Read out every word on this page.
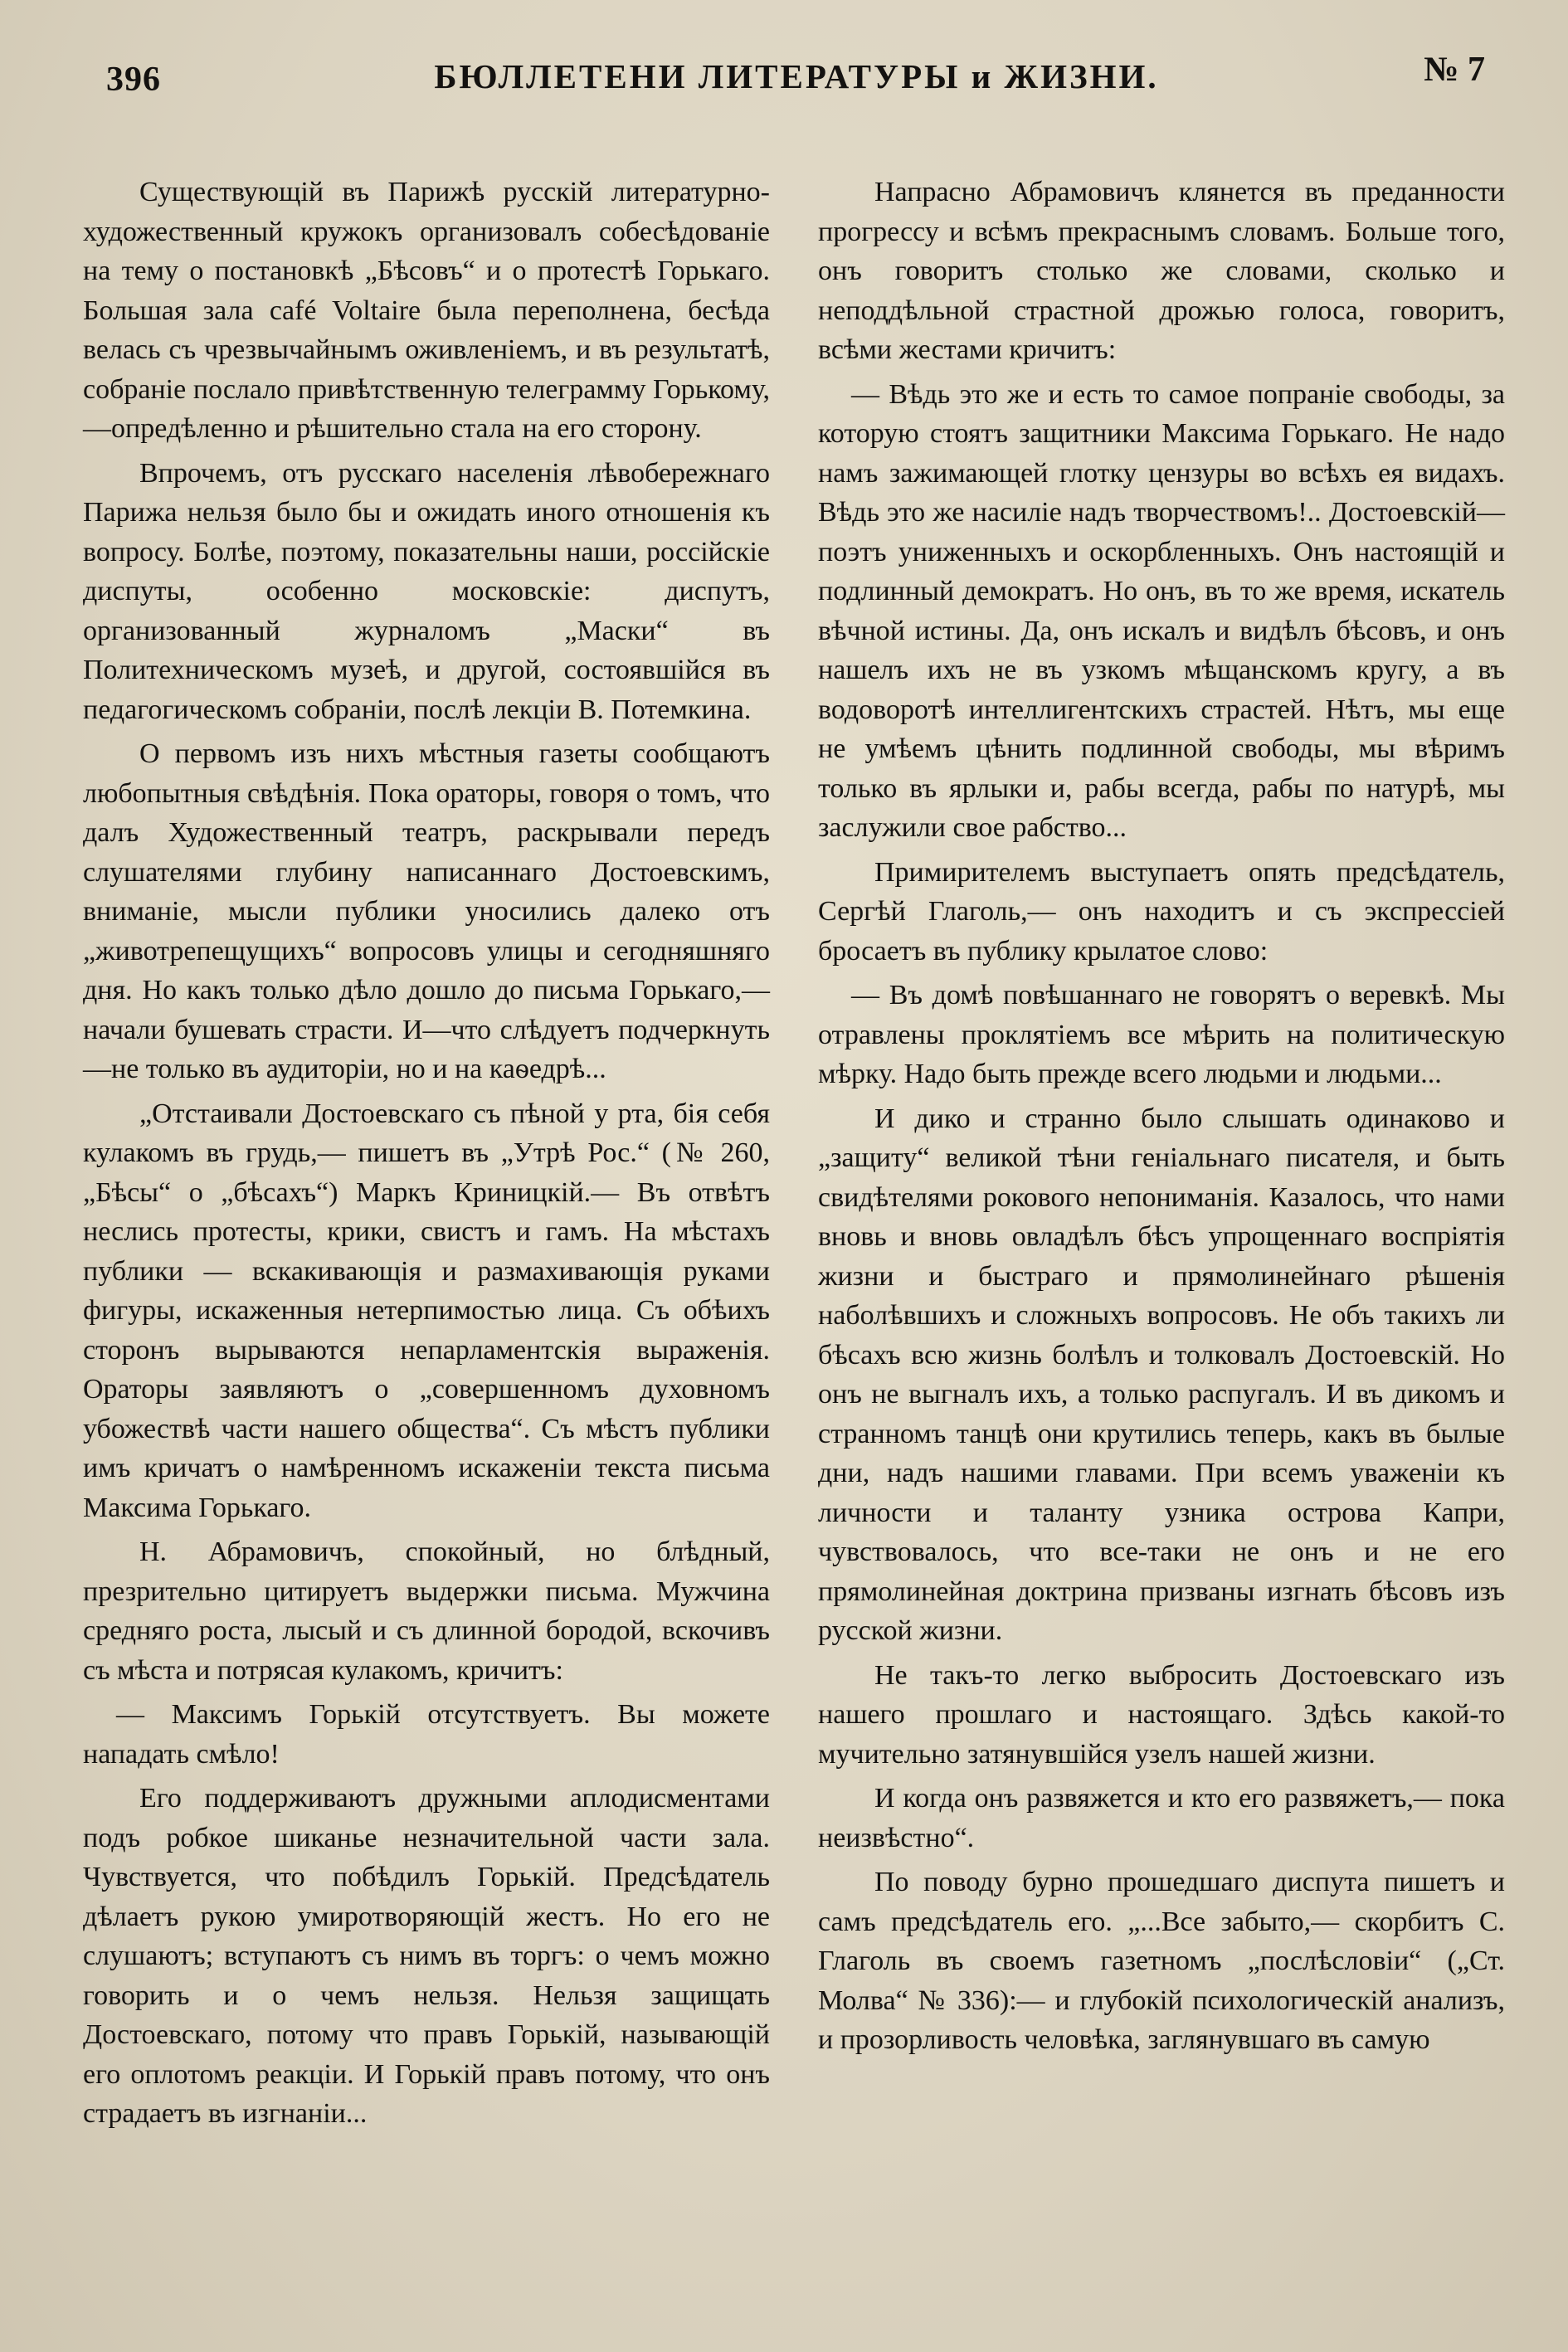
396	БЮЛЛЕТЕНИ ЛИТЕРАТУРЫ и ЖИЗНИ.	№ 7

Существующій въ Парижѣ русскій литературно-художественный кружокъ организовалъ собесѣдованіе на тему о постановкѣ „Бѣсовъ“ и о протестѣ Горькаго. Большая зала café Voltaire была переполнена, бесѣда велась съ чрезвычайнымъ оживленіемъ, и въ результатѣ, собраніе послало привѣтственную телеграмму Горькому,—опредѣленно и рѣшительно стала на его сторону.

Впрочемъ, отъ русскаго населенія лѣвобережнаго Парижа нельзя было бы и ожидать иного отношенія къ вопросу. Болѣе, поэтому, показательны наши, россійскіе диспуты, особенно московскіе: диспутъ, организованный журналомъ „Маски“ въ Политехническомъ музеѣ, и другой, состоявшійся въ педагогическомъ собраніи, послѣ лекціи В. Потемкина.

О первомъ изъ нихъ мѣстныя газеты сообщаютъ любопытныя свѣдѣнія. Пока ораторы, говоря о томъ, что далъ Художественный театръ, раскрывали передъ слушателями глубину написаннаго Достоевскимъ, вниманіе, мысли публики уносились далеко отъ „животрепещущихъ“ вопросовъ улицы и сегодняшняго дня. Но какъ только дѣло дошло до письма Горькаго,— начали бушевать страсти. И—что слѣдуетъ подчеркнуть—не только въ аудиторіи, но и на каѳедрѣ...

„Отстаивали Достоевскаго съ пѣной у рта, бія себя кулакомъ въ грудь,— пишетъ въ „Утрѣ Рос.“ (№ 260, „Бѣсы“ о „бѣсахъ“) Маркъ Криницкій.— Въ отвѣтъ неслись протесты, крики, свистъ и гамъ. На мѣстахъ публики — вскакивающія и размахивающія руками фигуры, искаженныя нетерпимостью лица. Съ обѣихъ сторонъ вырываются непарламентскія выраженія. Ораторы заявляютъ о „совершенномъ духовномъ убожествѣ части нашего общества“. Съ мѣстъ публики имъ кричатъ о намѣренномъ искаженіи текста письма Максима Горькаго.

Н. Абрамовичъ, спокойный, но блѣдный, презрительно цитируетъ выдержки письма. Мужчина средняго роста, лысый и съ длинной бородой, вскочивъ съ мѣста и потрясая кулакомъ, кричитъ:

— Максимъ Горькій отсутствуетъ. Вы можете нападать смѣло!

Его поддерживаютъ дружными аплодисментами подъ робкое шиканье незначительной части зала. Чувствуется, что побѣдилъ Горькій. Предсѣдатель дѣлаетъ рукою умиротворяющій жестъ. Но его не слушаютъ; вступаютъ съ нимъ въ торгъ: о чемъ можно говорить и о чемъ нельзя. Нельзя защищать Достоевскаго, потому что правъ Горькій, называющій его оплотомъ реакціи. И Горькій правъ потому, что онъ страдаетъ въ изгнаніи...

Напрасно Абрамовичъ клянется въ преданности прогрессу и всѣмъ прекраснымъ словамъ. Больше того, онъ говоритъ столько же словами, сколько и неподдѣльной страстной дрожью голоса, говоритъ, всѣми жестами кричитъ:

— Вѣдь это же и есть то самое попраніе свободы, за которую стоятъ защитники Максима Горькаго. Не надо намъ зажимающей глотку цензуры во всѣхъ ея видахъ. Вѣдь это же насиліе надъ творчествомъ!.. Достоевскій—поэтъ униженныхъ и оскорбленныхъ. Онъ настоящій и подлинный демократъ. Но онъ, въ то же время, искатель вѣчной истины. Да, онъ искалъ и видѣлъ бѣсовъ, и онъ нашелъ ихъ не въ узкомъ мѣщанскомъ кругу, а въ водоворотѣ интеллигентскихъ страстей. Нѣтъ, мы еще не умѣемъ цѣнить подлинной свободы, мы вѣримъ только въ ярлыки и, рабы всегда, рабы по натурѣ, мы заслужили свое рабство...

Примирителемъ выступаетъ опять предсѣдатель, Сергѣй Глаголь,— онъ находитъ и съ экспрессіей бросаетъ въ публику крылатое слово:

— Въ домѣ повѣшаннаго не говорятъ о веревкѣ. Мы отравлены проклятіемъ все мѣрить на политическую мѣрку. Надо быть прежде всего людьми и людьми...

И дико и странно было слышать одинаково и „защиту“ великой тѣни геніальнаго писателя, и быть свидѣтелями рокового непониманія. Казалось, что нами вновь и вновь овладѣлъ бѣсъ упрощеннаго воспріятія жизни и быстраго и прямолинейнаго рѣшенія наболѣвшихъ и сложныхъ вопросовъ. Не объ такихъ ли бѣсахъ всю жизнь болѣлъ и толковалъ Достоевскій. Но онъ не выгналъ ихъ, а только распугалъ. И въ дикомъ и странномъ танцѣ они крутились теперь, какъ въ былые дни, надъ нашими главами. При всемъ уваженіи къ личности и таланту узника острова Капри, чувствовалось, что все-таки не онъ и не его прямолинейная доктрина призваны изгнать бѣсовъ изъ русской жизни.

Не такъ-то легко выбросить Достоевскаго изъ нашего прошлаго и настоящаго. Здѣсь какой-то мучительно затянувшійся узелъ нашей жизни.

И когда онъ развяжется и кто его развяжетъ,— пока неизвѣстно“.

По поводу бурно прошедшаго диспута пишетъ и самъ предсѣдатель его. „...Все забыто,— скорбитъ С. Глаголь въ своемъ газетномъ „послѣсловіи“ („Ст. Молва“ № 336):— и глубокій психологическій анализъ, и прозорливость человѣка, заглянувшаго въ самую
